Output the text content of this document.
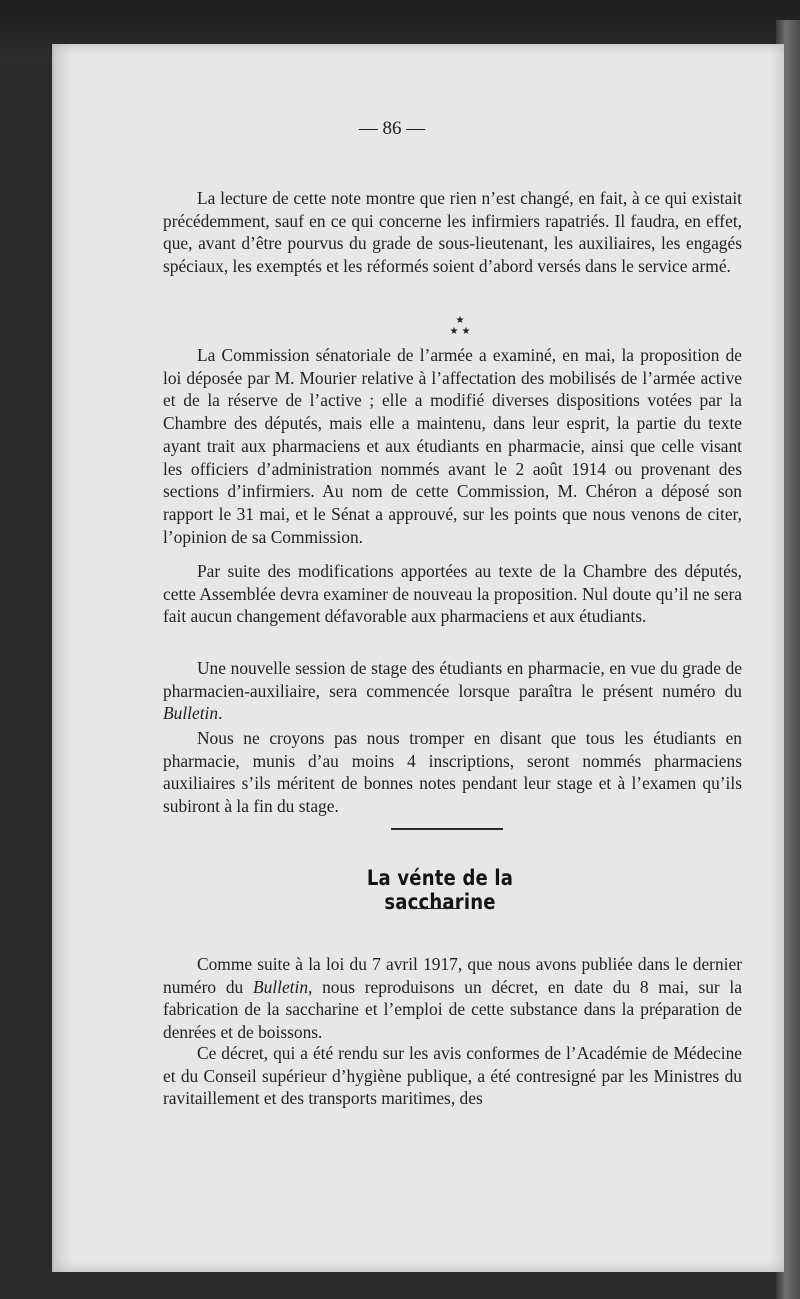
— 86 —

La lecture de cette note montre que rien n’est changé, en fait, à ce qui existait précédemment, sauf en ce qui concerne les infirmiers rapatriés. Il faudra, en effet, que, avant d’être pourvus du grade de sous-lieutenant, les auxiliaires, les engagés spéciaux, les exemptés et les réformés soient d’abord versés dans le service armé.

★
★ ★

La Commission sénatoriale de l’armée a examiné, en mai, la proposition de loi déposée par M. Mourier relative à l’affectation des mobilisés de l’armée active et de la réserve de l’active ; elle a modifié diverses dispositions votées par la Chambre des députés, mais elle a maintenu, dans leur esprit, la partie du texte ayant trait aux pharmaciens et aux étudiants en pharmacie, ainsi que celle visant les officiers d’administration nommés avant le 2 août 1914 ou provenant des sections d’infirmiers. Au nom de cette Commission, M. Chéron a déposé son rapport le 31 mai, et le Sénat a approuvé, sur les points que nous venons de citer, l’opinion de sa Commission.

Par suite des modifications apportées au texte de la Chambre des députés, cette Assemblée devra examiner de nouveau la proposition. Nul doute qu’il ne sera fait aucun changement défavorable aux pharmaciens et aux étudiants.

Une nouvelle session de stage des étudiants en pharmacie, en vue du grade de pharmacien-auxiliaire, sera commencée lorsque paraîtra le présent numéro du Bulletin.

Nous ne croyons pas nous tromper en disant que tous les étudiants en pharmacie, munis d’au moins 4 inscriptions, seront nommés pharmaciens auxiliaires s’ils méritent de bonnes notes pendant leur stage et à l’examen qu’ils subiront à la fin du stage.

La vénte de la saccharine

Comme suite à la loi du 7 avril 1917, que nous avons publiée dans le dernier numéro du Bulletin, nous reproduisons un décret, en date du 8 mai, sur la fabrication de la saccharine et l’emploi de cette substance dans la préparation de denrées et de boissons.

Ce décret, qui a été rendu sur les avis conformes de l’Académie de Médecine et du Conseil supérieur d’hygiène publique, a été contresigné par les Ministres du ravitaillement et des transports maritimes, des
